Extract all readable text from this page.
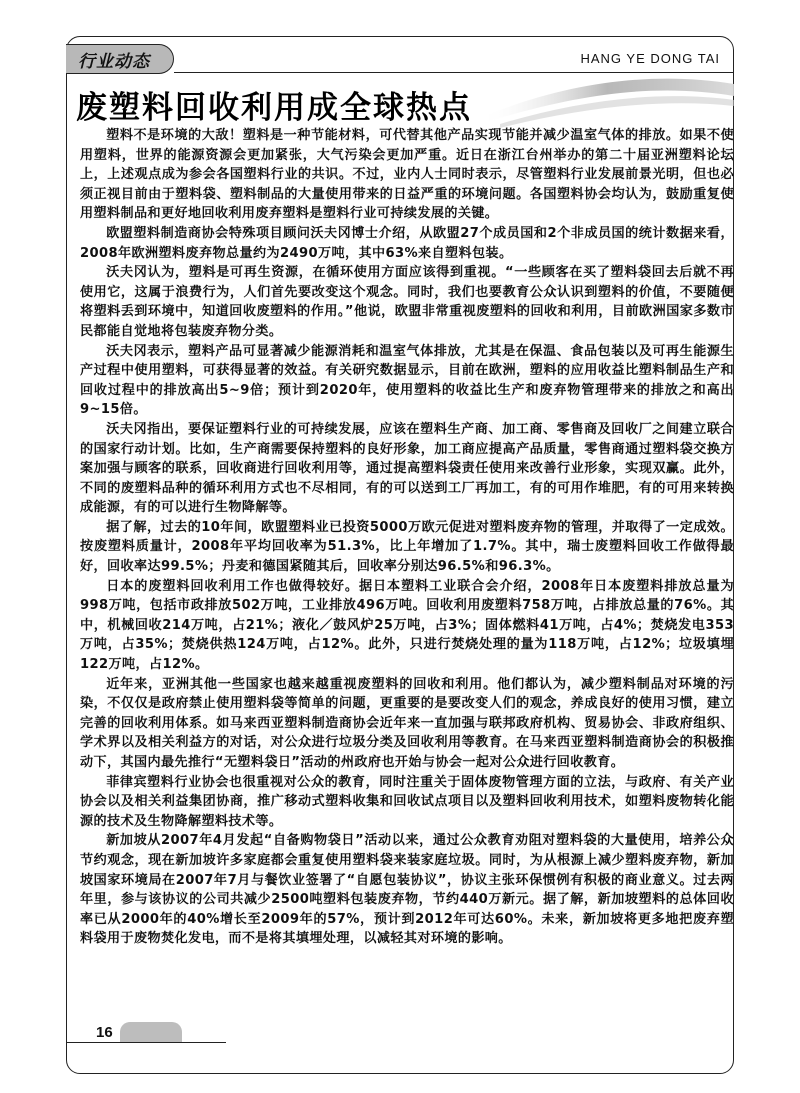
行业动态	HANG YE DONG TAI
废塑料回收利用成全球热点

塑料不是环境的大敌！塑料是一种节能材料，可代替其他产品实现节能并减少温室气体的排放。如果不使用塑料，世界的能源资源会更加紧张，大气污染会更加严重。近日在浙江台州举办的第二十届亚洲塑料论坛上，上述观点成为参会各国塑料行业的共识。不过，业内人士同时表示，尽管塑料行业发展前景光明，但也必须正视目前由于塑料袋、塑料制品的大量使用带来的日益严重的环境问题。各国塑料协会均认为，鼓励重复使用塑料制品和更好地回收利用废弃塑料是塑料行业可持续发展的关键。

欧盟塑料制造商协会特殊项目顾问沃夫冈博士介绍，从欧盟27个成员国和2个非成员国的统计数据来看，2008年欧洲塑料废弃物总量约为2490万吨，其中63%来自塑料包装。

沃夫冈认为，塑料是可再生资源，在循环使用方面应该得到重视。“一些顾客在买了塑料袋回去后就不再使用它，这属于浪费行为，人们首先要改变这个观念。同时，我们也要教育公众认识到塑料的价值，不要随便将塑料丢到环境中，知道回收废塑料的作用。”他说，欧盟非常重视废塑料的回收和利用，目前欧洲国家多数市民都能自觉地将包装废弃物分类。

沃夫冈表示，塑料产品可显著减少能源消耗和温室气体排放，尤其是在保温、食品包装以及可再生能源生产过程中使用塑料，可获得显著的效益。有关研究数据显示，目前在欧洲，塑料的应用收益比塑料制品生产和回收过程中的排放高出5~9倍；预计到2020年，使用塑料的收益比生产和废弃物管理带来的排放之和高出9~15倍。

沃夫冈指出，要保证塑料行业的可持续发展，应该在塑料生产商、加工商、零售商及回收厂之间建立联合的国家行动计划。比如，生产商需要保持塑料的良好形象，加工商应提高产品质量，零售商通过塑料袋交换方案加强与顾客的联系，回收商进行回收利用等，通过提高塑料袋责任使用来改善行业形象，实现双赢。此外，不同的废塑料品种的循环利用方式也不尽相同，有的可以送到工厂再加工，有的可用作堆肥，有的可用来转换成能源，有的可以进行生物降解等。

据了解，过去的10年间，欧盟塑料业已投资5000万欧元促进对塑料废弃物的管理，并取得了一定成效。按废塑料质量计，2008年平均回收率为51.3%，比上年增加了1.7%。其中，瑞士废塑料回收工作做得最好，回收率达99.5%；丹麦和德国紧随其后，回收率分别达96.5%和96.3%。

日本的废塑料回收利用工作也做得较好。据日本塑料工业联合会介绍，2008年日本废塑料排放总量为998万吨，包括市政排放502万吨，工业排放496万吨。回收利用废塑料758万吨，占排放总量的76%。其中，机械回收214万吨，占21%；液化／鼓风炉25万吨，占3%；固体燃料41万吨，占4%；焚烧发电353万吨，占35%；焚烧供热124万吨，占12%。此外，只进行焚烧处理的量为118万吨，占12%；垃圾填埋122万吨，占12%。

近年来，亚洲其他一些国家也越来越重视废塑料的回收和利用。他们都认为，减少塑料制品对环境的污染，不仅仅是政府禁止使用塑料袋等简单的问题，更重要的是要改变人们的观念，养成良好的使用习惯，建立完善的回收利用体系。如马来西亚塑料制造商协会近年来一直加强与联邦政府机构、贸易协会、非政府组织、学术界以及相关利益方的对话，对公众进行垃圾分类及回收利用等教育。在马来西亚塑料制造商协会的积极推动下，其国内最先推行“无塑料袋日”活动的州政府也开始与协会一起对公众进行回收教育。

菲律宾塑料行业协会也很重视对公众的教育，同时注重关于固体废物管理方面的立法，与政府、有关产业协会以及相关利益集团协商，推广移动式塑料收集和回收试点项目以及塑料回收利用技术，如塑料废物转化能源的技术及生物降解塑料技术等。

新加坡从2007年4月发起“自备购物袋日”活动以来，通过公众教育劝阻对塑料袋的大量使用，培养公众节约观念，现在新加坡许多家庭都会重复使用塑料袋来装家庭垃圾。同时，为从根源上减少塑料废弃物，新加坡国家环境局在2007年7月与餐饮业签署了“自愿包装协议”，协议主张环保惯例有积极的商业意义。过去两年里，参与该协议的公司共减少2500吨塑料包装废弃物，节约440万新元。据了解，新加坡塑料的总体回收率已从2000年的40%增长至2009年的57%，预计到2012年可达60%。未来，新加坡将更多地把废弃塑料袋用于废物焚化发电，而不是将其填埋处理，以减轻其对环境的影响。

16
